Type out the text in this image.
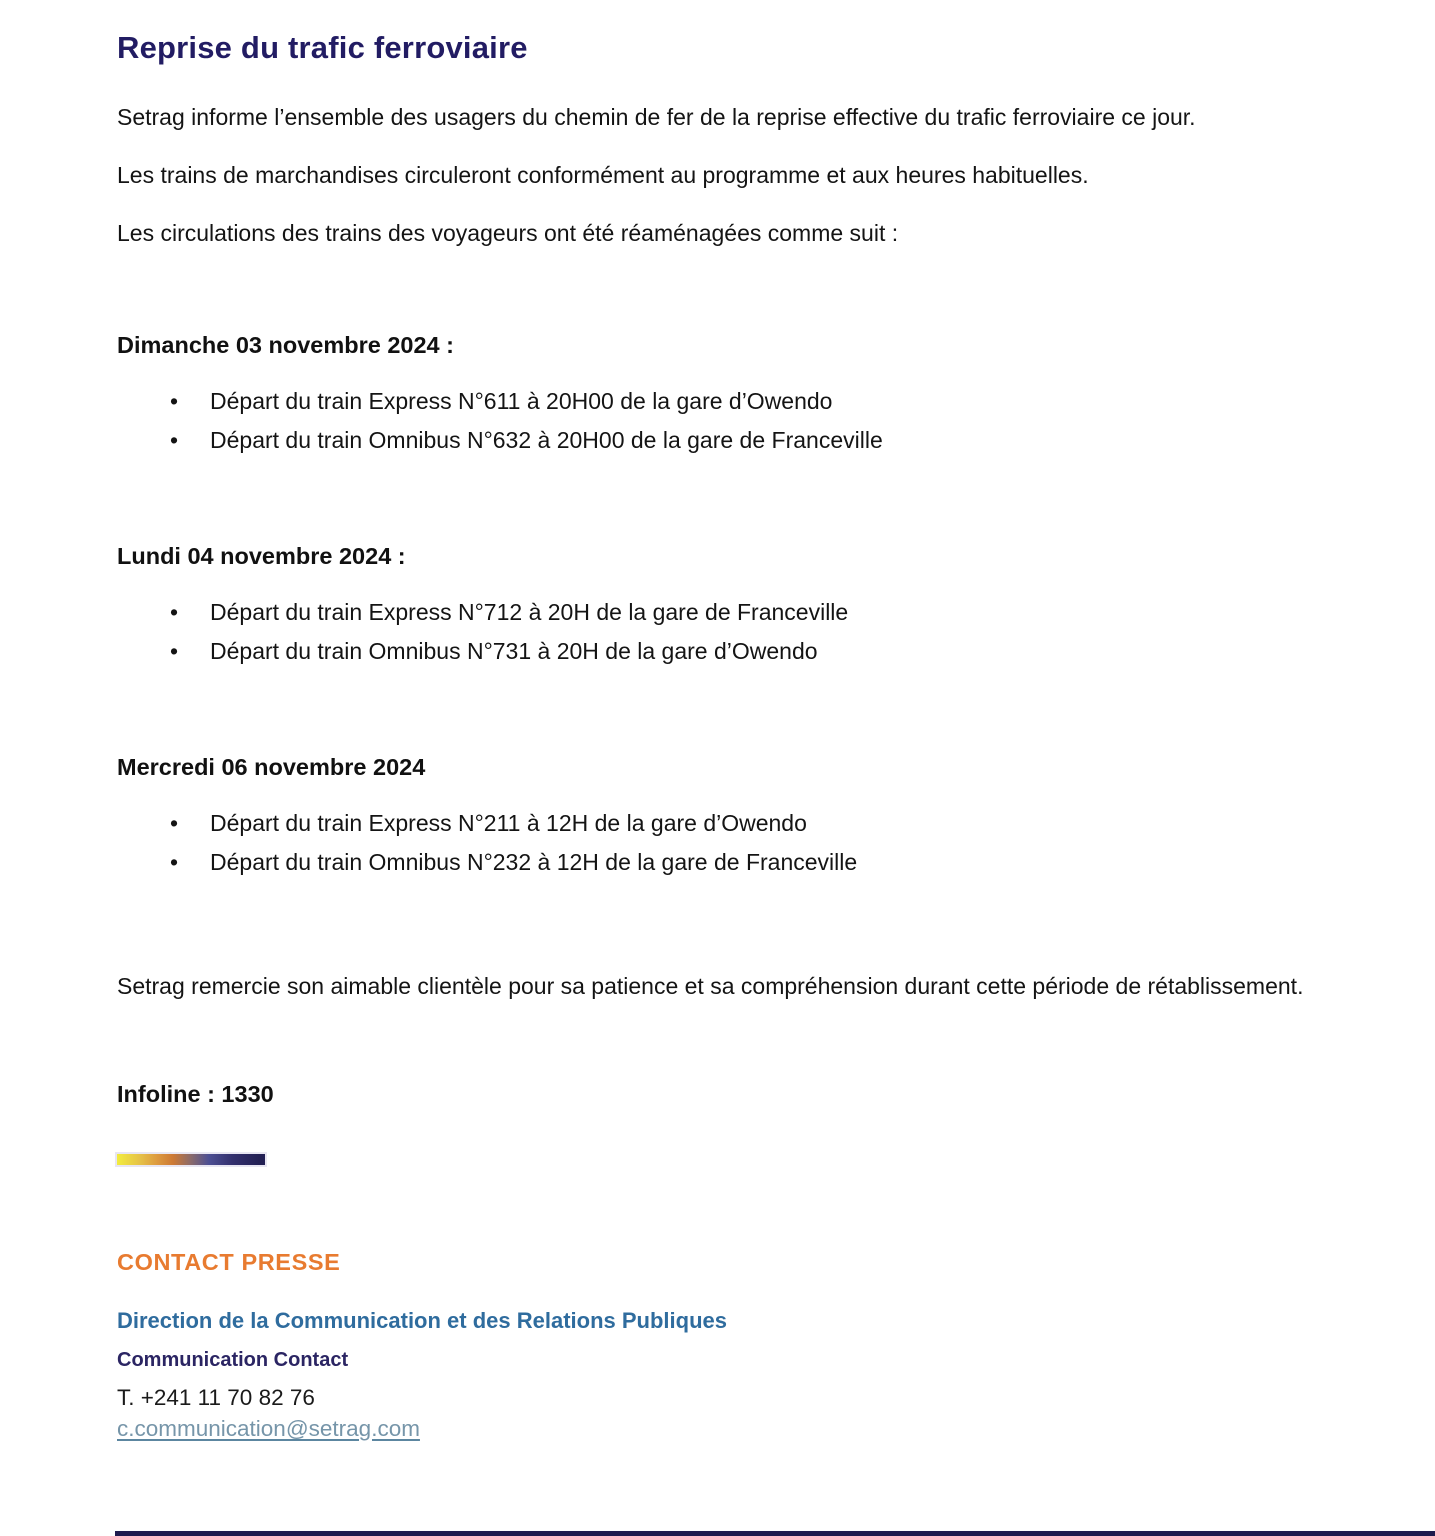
Reprise du trafic ferroviaire

Setrag informe l’ensemble des usagers du chemin de fer de la reprise effective du trafic ferroviaire ce jour.

Les trains de marchandises circuleront conformément au programme et aux heures habituelles.

Les circulations des trains des voyageurs ont été réaménagées comme suit :

Dimanche 03 novembre 2024 :
• Départ du train Express N°611 à 20H00 de la gare d’Owendo
• Départ du train Omnibus N°632 à 20H00 de la gare de Franceville
Lundi 04 novembre 2024 :
• Départ du train Express N°712 à 20H de la gare de Franceville
• Départ du train Omnibus N°731 à 20H de la gare d’Owendo
Mercredi 06 novembre 2024
• Départ du train Express N°211 à 12H de la gare d’Owendo
• Départ du train Omnibus N°232 à 12H de la gare de Franceville

Setrag remercie son aimable clientèle pour sa patience et sa compréhension durant cette période de rétablissement.

Infoline : 1330
CONTACT PRESSE
Direction de la Communication et des Relations Publiques
Communication Contact
T. +241 11 70 82 76
c.communication@setrag.com
